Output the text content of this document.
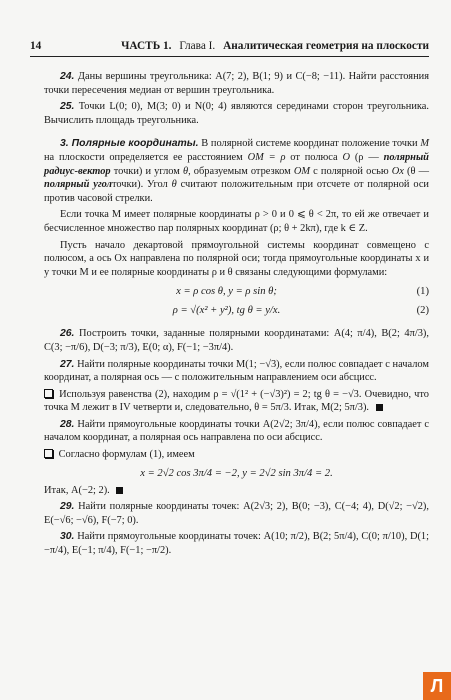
14	ЧАСТЬ 1. Глава I. Аналитическая геометрия на плоскости

24. Даны вершины треугольника: A(7; 2), B(1; 9) и C(−8; −11). Найти расстояния точки пересечения медиан от вершин треугольника.

25. Точки L(0; 0), M(3; 0) и N(0; 4) являются серединами сторон треугольника. Вычислить площадь треугольника.

3. Полярные координаты. В полярной системе координат положение точки M на плоскости определяется ее расстоянием OM = ρ от полюса O (ρ — полярный радиус-вектор точки) и углом θ, образуемым отрезком OM с полярной осью Ox (θ — полярный уголточки). Угол θ считают положительным при отсчете от полярной оси против часовой стрелки.

Если точка M имеет полярные координаты ρ > 0 и 0 ⩽ θ < 2π, то ей же отвечает и бесчисленное множество пар полярных координат (ρ; θ + 2kπ), где k ∈ Z.

Пусть начало декартовой прямоугольной системы координат совмещено с полюсом, а ось Ox направлена по полярной оси; тогда прямоугольные координаты x и y точки M и ее полярные координаты ρ и θ связаны следующими формулами:

x = ρ cos θ, y = ρ sin θ;	(1)
ρ = √(x² + y²), tg θ = y/x.	(2)

26. Построить точки, заданные полярными координатами: A(4; π/4), B(2; 4π/3), C(3; −π/6), D(−3; π/3), E(0; α), F(−1; −3π/4).

27. Найти полярные координаты точки M(1; −√3), если полюс совпадает с началом координат, а полярная ось — с положительным направлением оси абсцисс.

Используя равенства (2), находим ρ = √(1² + (−√3)²) = 2; tg θ = −√3. Очевидно, что точка M лежит в IV четверти и, следовательно, θ = 5π/3. Итак, M(2; 5π/3).

28. Найти прямоугольные координаты точки A(2√2; 3π/4), если полюс совпадает с началом координат, а полярная ось направлена по оси абсцисс.

Согласно формулам (1), имеем

x = 2√2 cos 3π/4 = −2, y = 2√2 sin 3π/4 = 2.

Итак, A(−2; 2).

29. Найти полярные координаты точек: A(2√3; 2), B(0; −3), C(−4; 4), D(√2; −√2), E(−√6; −√6), F(−7; 0).

30. Найти прямоугольные координаты точек: A(10; π/2), B(2; 5π/4), C(0; π/10), D(1; −π/4), E(−1; π/4), F(−1; −π/2).

Л
